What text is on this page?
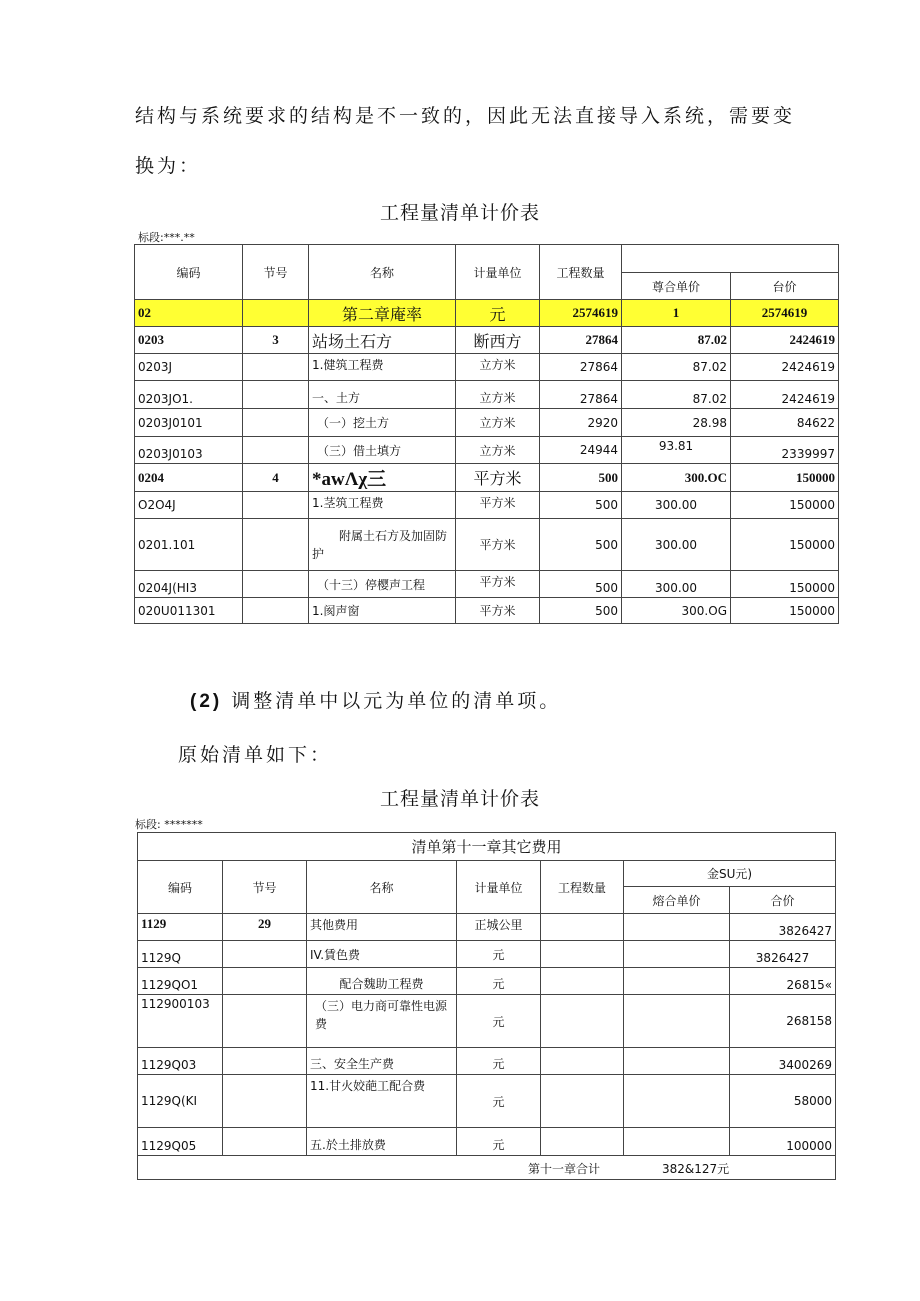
结构与系统要求的结构是不一致的，因此无法直接导入系统，需要变
换为：
工程量清单计价表
标段:***.**
编码	节号	名称	计量单位	工程数量		
					尊合单价	台价
02		第二章庵率	元	2574619	1	2574619
0203	3	站场土石方	断西方	27864	87.02	2424619
0203J		1.健筑工程费	立方米	27864	87.02	2424619
0203JO1.		一、土方	立方米	27864	87.02	2424619
0203J0101		（一）挖土方	立方米	2920	28.98	84622
0203J0103		（三）借土填方	立方米	24944	93.81	2339997
0204	4	*awΛχ三	平方米	500	300.OC	150000
O2O4J		1.茎筑工程费	平方米	500	300.00	150000
0201.101		附属土石方及加固防护	平方米	500	300.00	150000
0204J(HI3		（十三）停樱声工程	平方米	500	300.00	150000
020U011301		1.阂声窗	平方米	500	300.OG	150000
(2) 调整清单中以元为单位的清单项。
原始清单如下：
工程量清单计价表
标段: *******
清单第十一章其它费用						
编码	节号	名称	计量单位	工程数量	金SU元)	
					熔合单价	合价
1129	29	其他费用	正城公里			3826427
1129Q		IV.賃色费	元			3826427
1129QO1		配合魏助工程费	元			26815«
112900103		（三）电力商可靠性电源费	元			268158
1129Q03		三、安全生产费	元			3400269
1129Q(KI		11.甘火姣葩工配合费	元			58000
1129Q05		五.於土排放费	元			100000

第十一章合计 382&127元						
